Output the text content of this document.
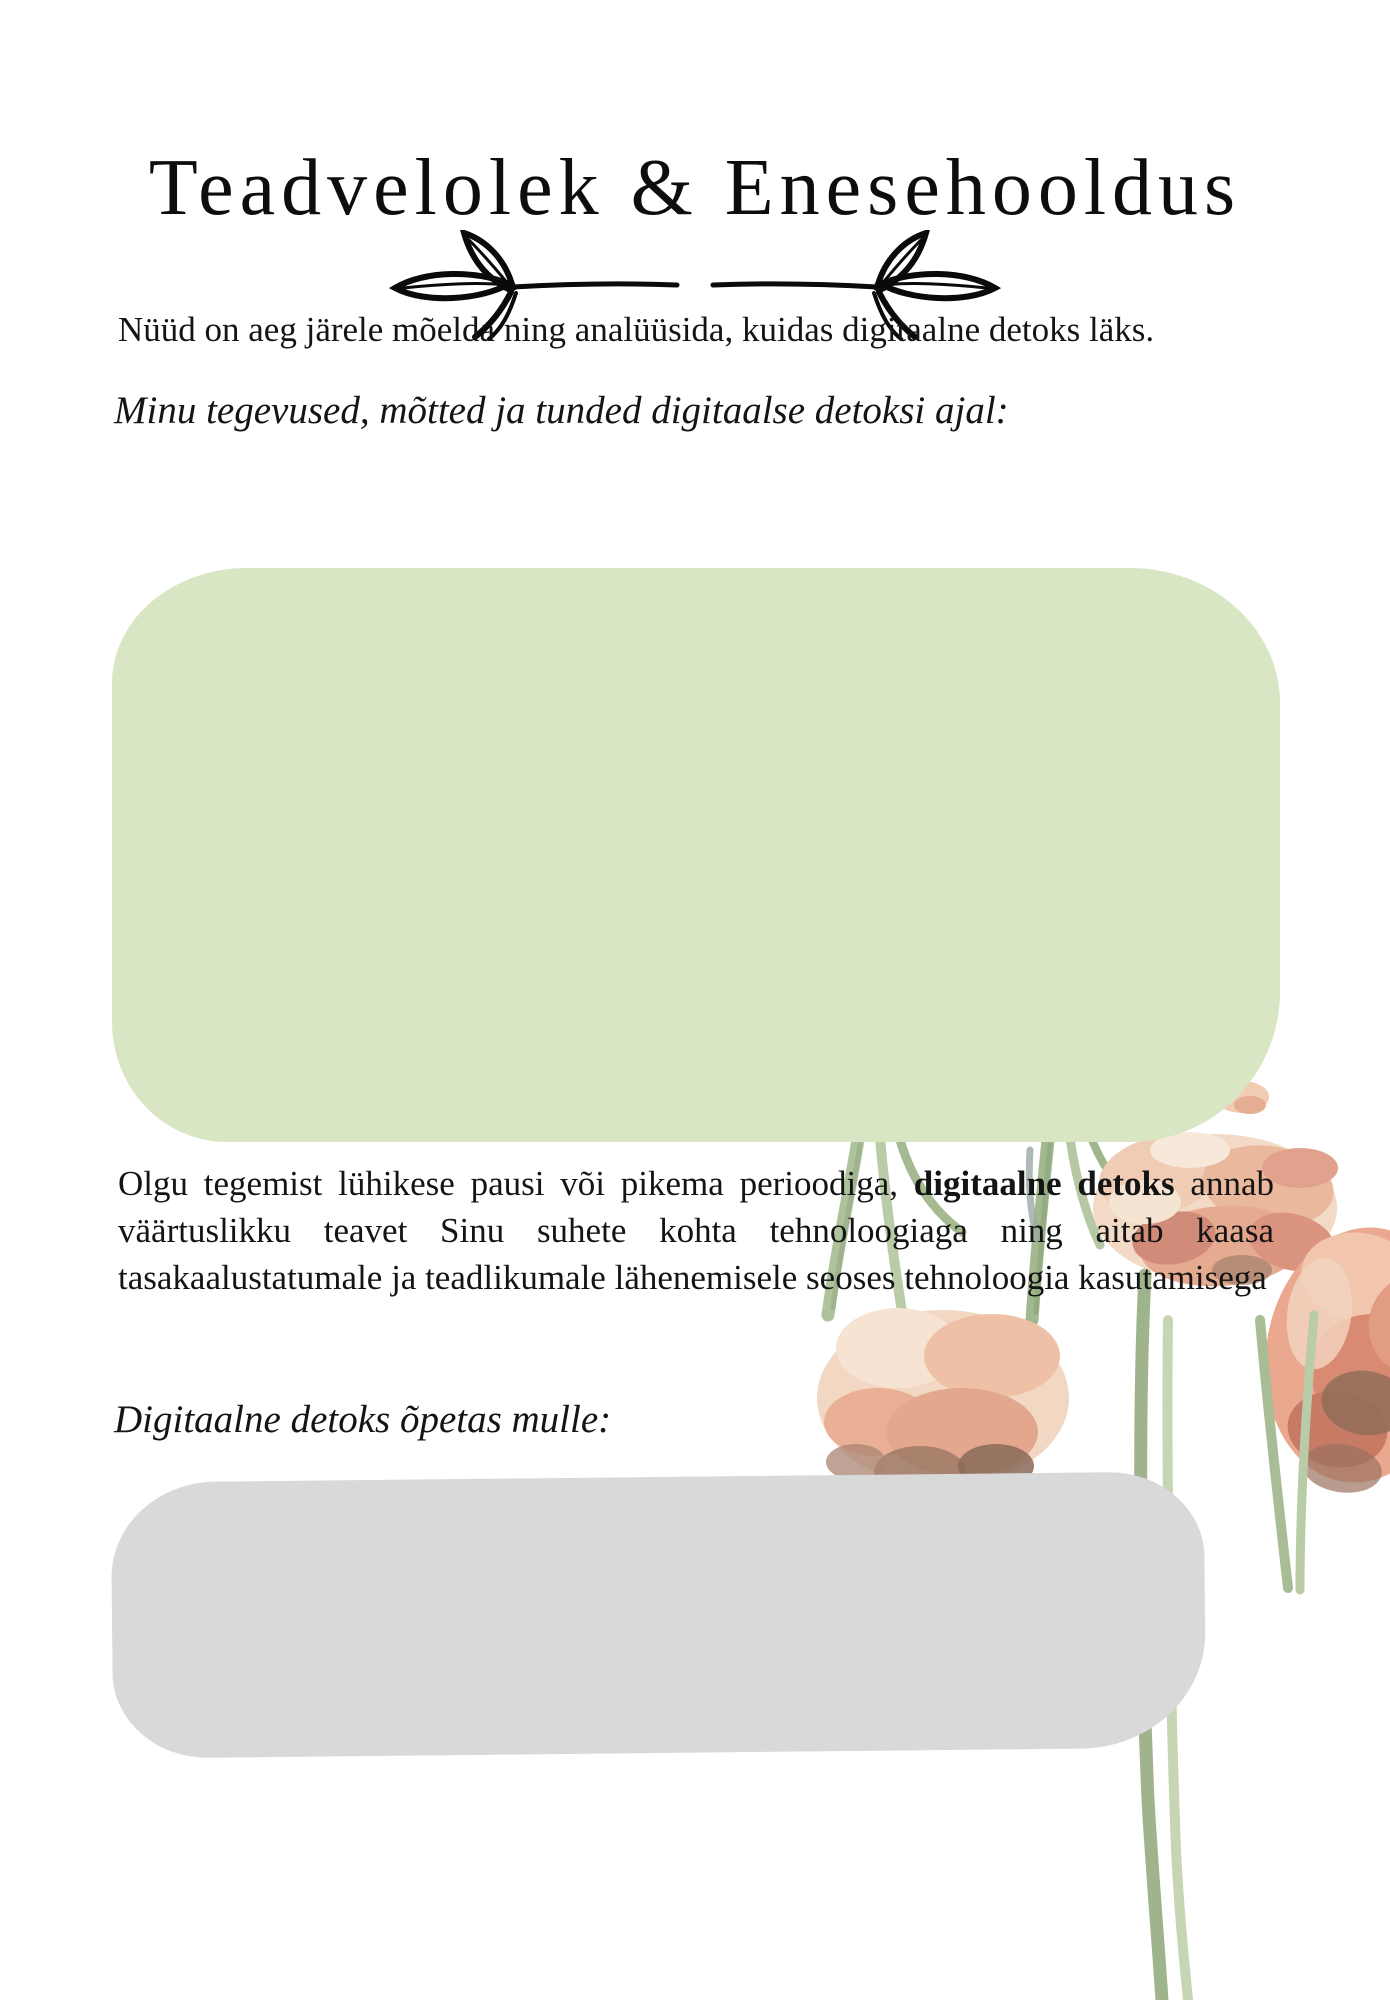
Teadvelolek & Enesehooldus

Nüüd on aeg järele mõelda ning analüüsida, kuidas digitaalne detoks läks.

Minu tegevused, mõtted ja tunded digitaalse detoksi ajal:

Olgu tegemist lühikese pausi või pikema perioodiga, digitaalne detoks annab väärtuslikku teavet Sinu suhete kohta tehnoloogiaga ning aitab kaasa tasakaalustatumale ja teadlikumale lähenemisele seoses tehnoloogia kasutamisega

Digitaalne detoks õpetas mulle:
